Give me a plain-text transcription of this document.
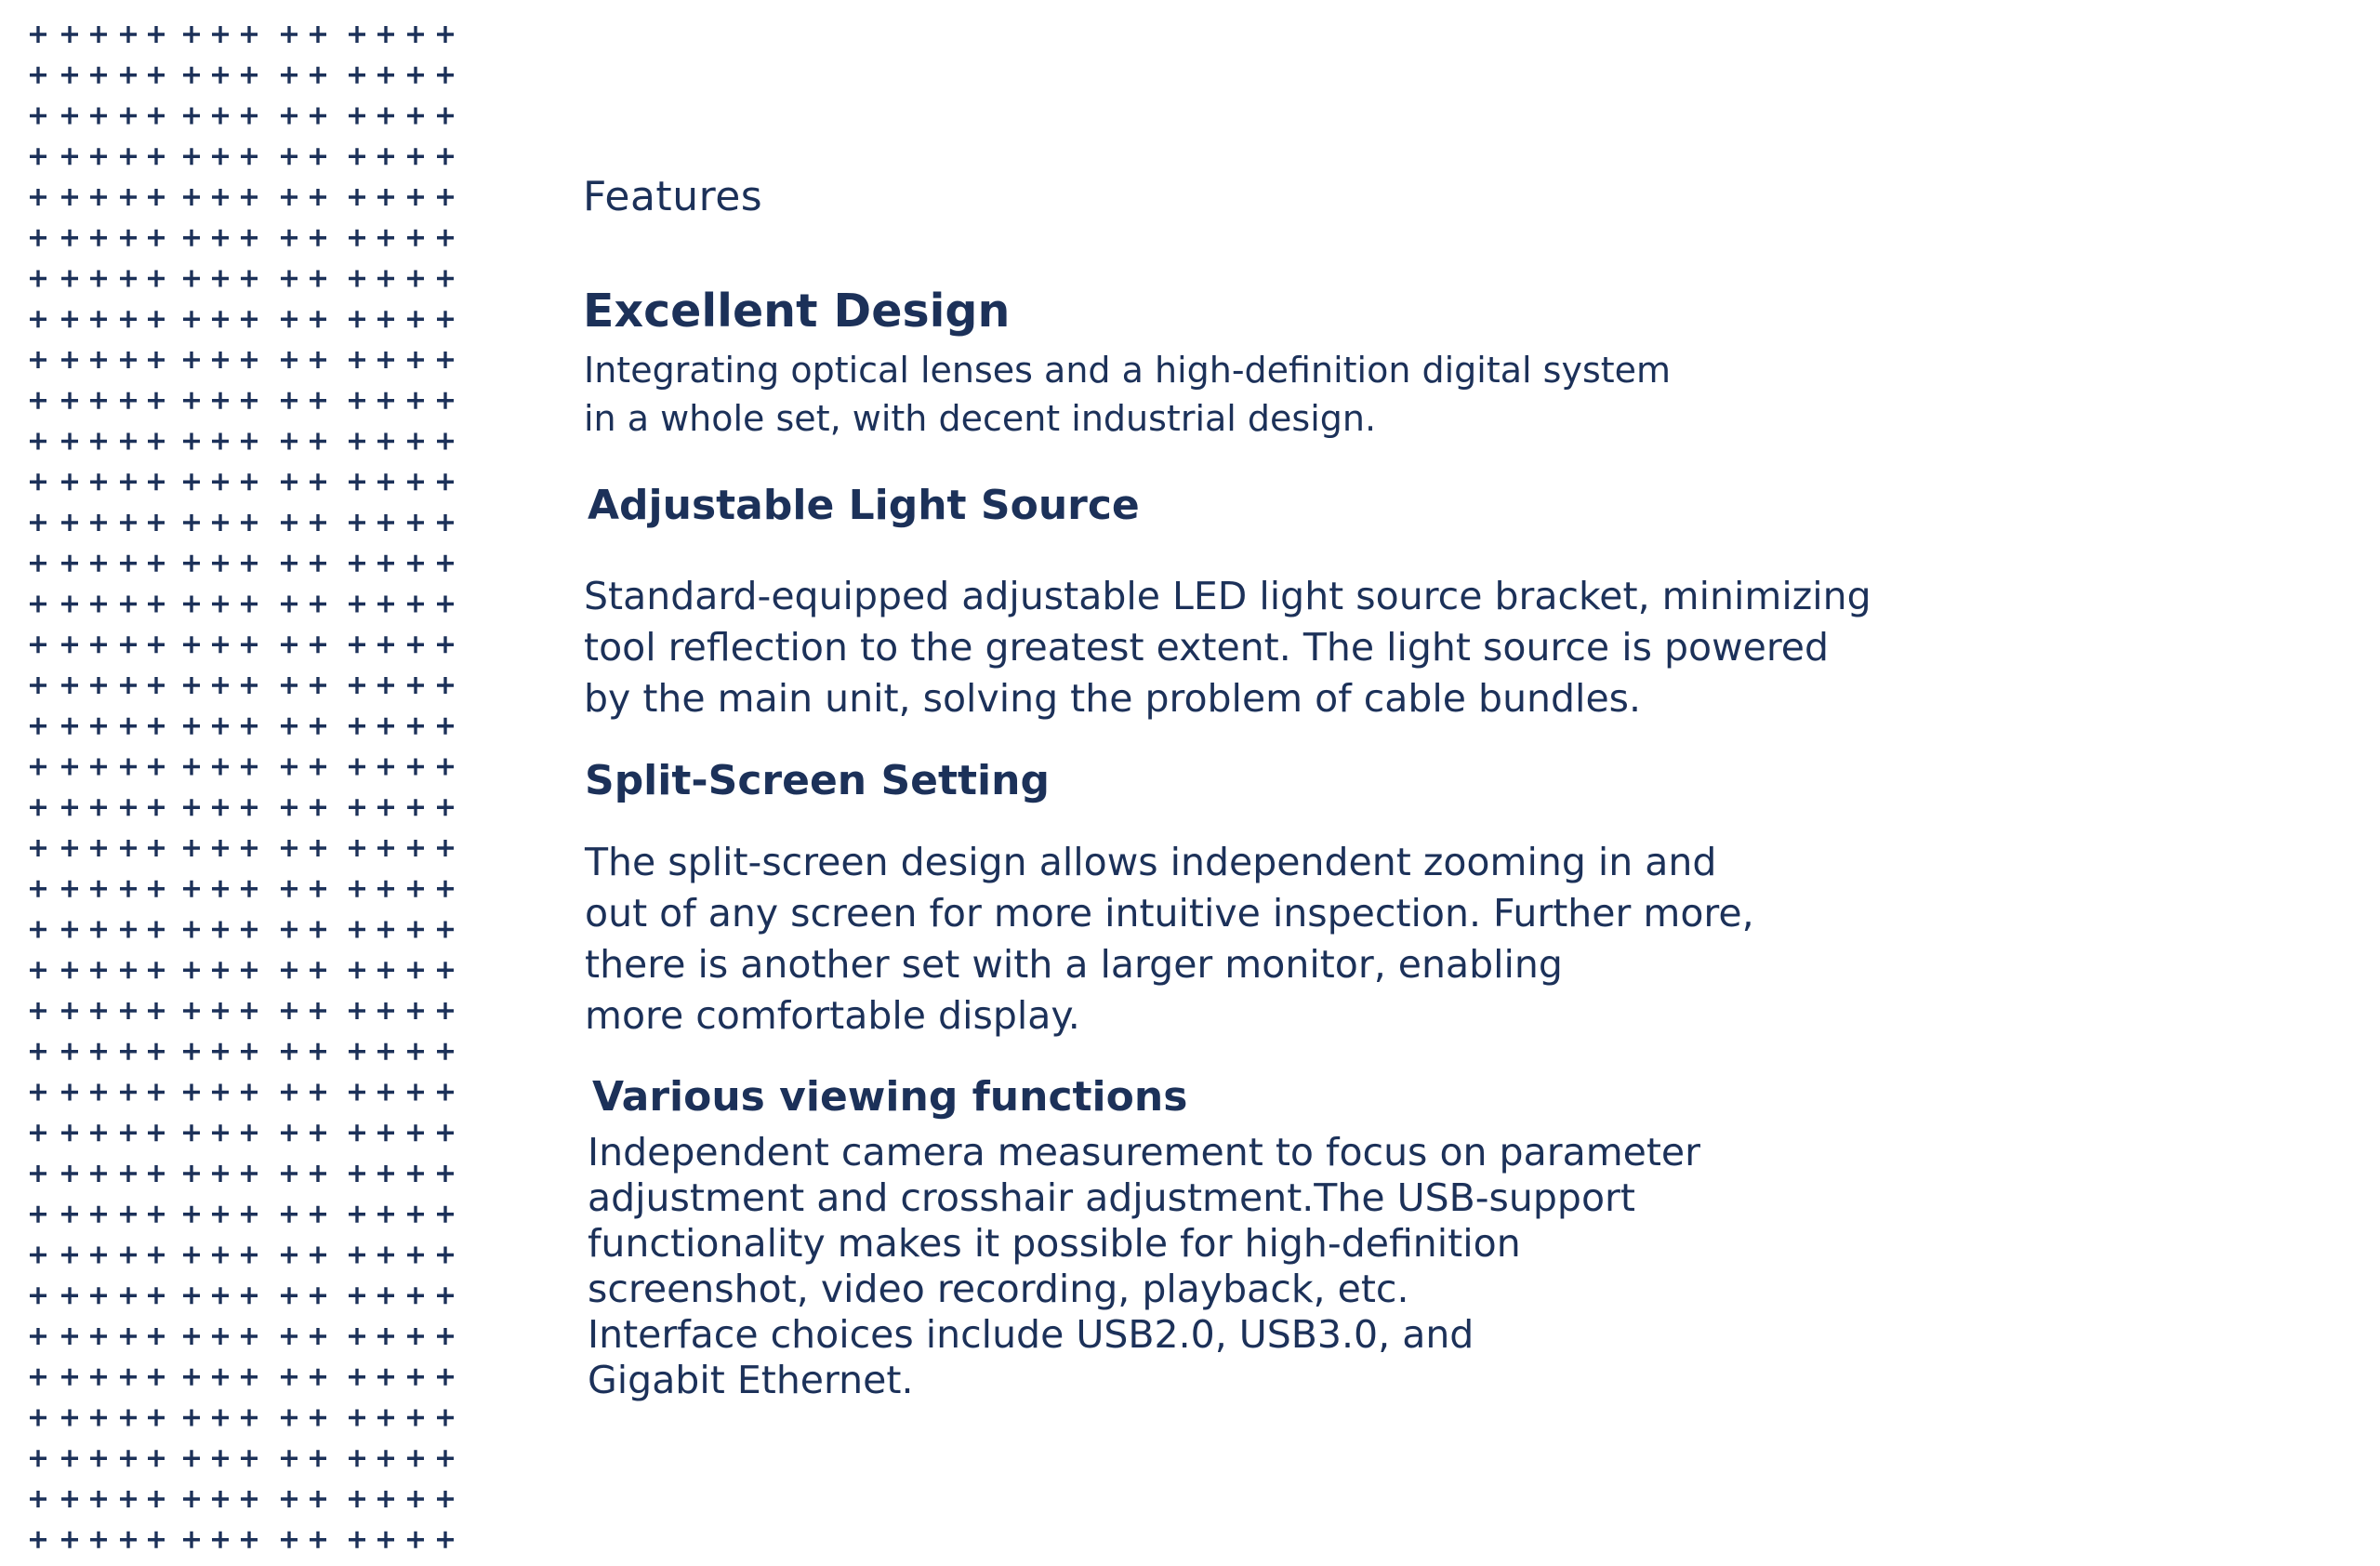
Features
Excellent Design
Integrating optical lenses and a high-definition digital system
in a whole set, with decent industrial design.
Adjustable Light Source
Standard-equipped adjustable LED light source bracket, minimizing
tool reflection to the greatest extent. The light source is powered
by the main unit, solving the problem of cable bundles.
Split-Screen Setting
The split-screen design allows independent zooming in and
out of any screen for more intuitive inspection. Further more,
there is another set with a larger monitor, enabling
more comfortable display.
Various viewing functions
Independent camera measurement to focus on parameter
adjustment and crosshair adjustment.The USB-support
functionality makes it possible for high-definition
screenshot, video recording, playback, etc.
Interface choices include USB2.0, USB3.0, and
Gigabit Ethernet.
